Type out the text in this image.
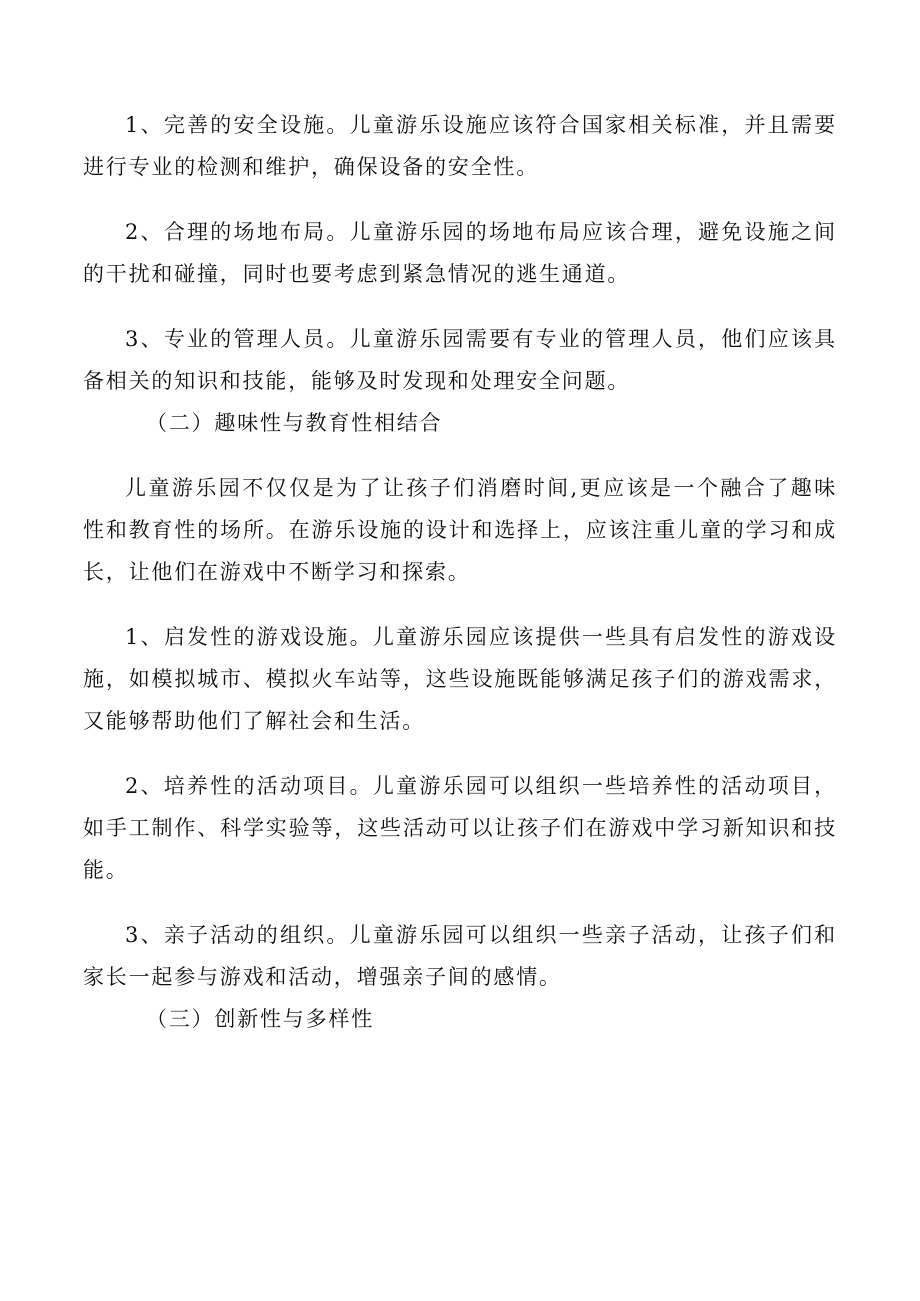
1、完善的安全设施。儿童游乐设施应该符合国家相关标准，并且需要进行专业的检测和维护，确保设备的安全性。

2、合理的场地布局。儿童游乐园的场地布局应该合理，避免设施之间的干扰和碰撞，同时也要考虑到紧急情况的逃生通道。

3、专业的管理人员。儿童游乐园需要有专业的管理人员，他们应该具备相关的知识和技能，能够及时发现和处理安全问题。

（二）趣味性与教育性相结合

儿童游乐园不仅仅是为了让孩子们消磨时间,更应该是一个融合了趣味性和教育性的场所。在游乐设施的设计和选择上，应该注重儿童的学习和成长，让他们在游戏中不断学习和探索。

1、启发性的游戏设施。儿童游乐园应该提供一些具有启发性的游戏设施，如模拟城市、模拟火车站等，这些设施既能够满足孩子们的游戏需求，又能够帮助他们了解社会和生活。

2、培养性的活动项目。儿童游乐园可以组织一些培养性的活动项目，如手工制作、科学实验等，这些活动可以让孩子们在游戏中学习新知识和技能。

3、亲子活动的组织。儿童游乐园可以组织一些亲子活动，让孩子们和家长一起参与游戏和活动，增强亲子间的感情。

（三）创新性与多样性
